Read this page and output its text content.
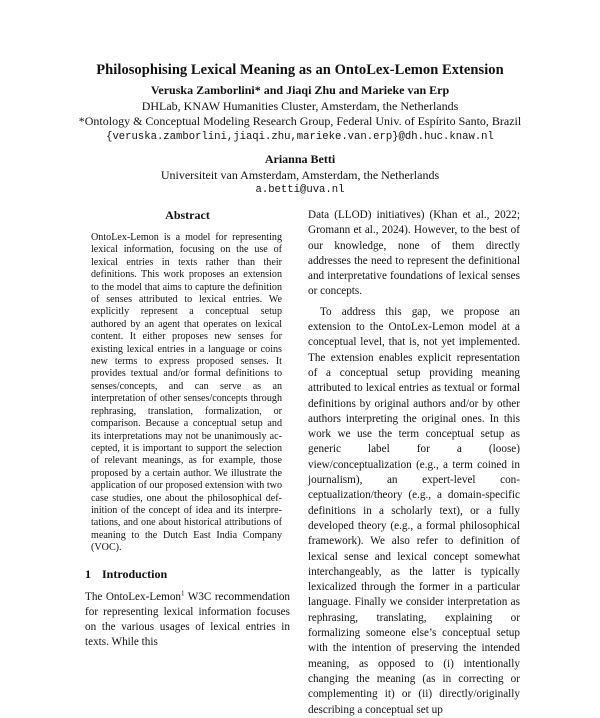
Philosophising Lexical Meaning as an OntoLex-Lemon Extension
Veruska Zamborlini* and Jiaqi Zhu and Marieke van Erp
DHLab, KNAW Humanities Cluster, Amsterdam, the Netherlands
*Ontology & Conceptual Modeling Research Group, Federal Univ. of Espírito Santo, Brazil
{veruska.zamborlini,jiaqi.zhu,marieke.van.erp}@dh.huc.knaw.nl
Arianna Betti
Universiteit van Amsterdam, Amsterdam, the Netherlands
a.betti@uva.nl
Abstract

OntoLex-Lemon is a model for representing lexical information, focusing on the use of lexical entries in texts rather than their definitions. This work proposes an extension to the model that aims to capture the definition of senses attributed to lexical entries. We explicitly represent a conceptual setup authored by an agent that operates on lexical content. It either proposes new senses for existing lexical entries in a language or coins new terms to express proposed senses. It provides textual and/or formal definitions to senses/concepts, and can serve as an interpretation of other senses/concepts through rephrasing, translation, formalization, or comparison. Because a conceptual setup and its interpretations may not be unanimously accepted, it is important to support the selection of relevant meanings, as for example, those proposed by a certain author. We illustrate the application of our proposed extension with two case studies, one about the philosophical definition of the concept of idea and its interpretations, and one about historical attributions of meaning to the Dutch East India Company (VOC).

1 Introduction

The OntoLex-Lemon$^1$ W3C recommendation for representing lexical information focuses on the various usages of lexical entries in texts. While this

Data (LLOD) initiatives) (Khan et al., 2022; Gromann et al., 2024). However, to the best of our knowledge, none of them directly addresses the need to represent the definitional and interpretative foundations of lexical senses or concepts.

To address this gap, we propose an extension to the OntoLex-Lemon model at a conceptual level, that is, not yet implemented. The extension enables explicit representation of a conceptual setup providing meaning attributed to lexical entries as textual or formal definitions by original authors and/or by other authors interpreting the original ones. In this work we use the term conceptual setup as generic label for a (loose) view/conceptualization (e.g., a term coined in journalism), an expert-level conceptualization/theory (e.g., a domain-specific definitions in a scholarly text), or a fully developed theory (e.g., a formal philosophical framework). We also refer to definition of lexical sense and lexical concept somewhat interchangeably, as the latter is typically lexicalized through the former in a particular language. Finally we consider interpretation as rephrasing, translating, explaining or formalizing someone else’s conceptual setup with the intention of preserving the intended meaning, as opposed to (i) intentionally changing the meaning (as in correcting or complementing it) or (ii) directly/originally describing a conceptual set up
